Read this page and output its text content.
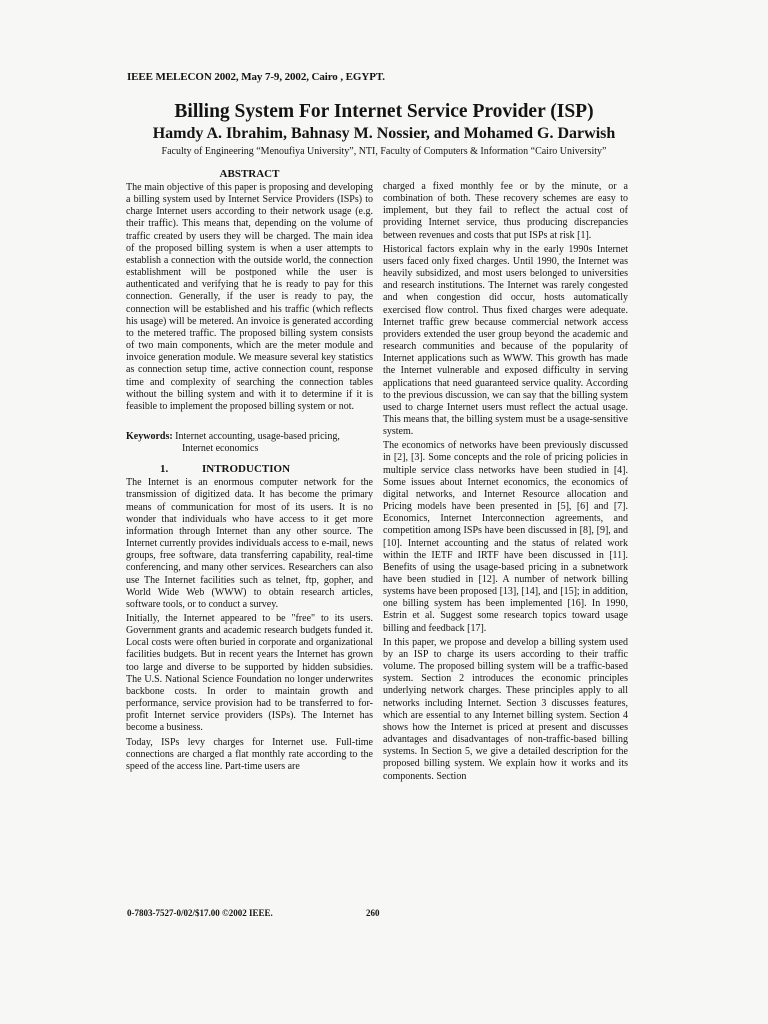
IEEE MELECON 2002, May 7-9, 2002, Cairo , EGYPT.
Billing System For Internet Service Provider (ISP)
Hamdy A. Ibrahim, Bahnasy M. Nossier, and Mohamed G. Darwish

Faculty of Engineering “Menoufiya University”, NTI, Faculty of Computers & Information “Cairo University”

ABSTRACT

The main objective of this paper is proposing and developing a billing system used by Internet Service Providers (ISPs) to charge Internet users according to their network usage (e.g. their traffic). This means that, depending on the volume of traffic created by users they will be charged. The main idea of the proposed billing system is when a user attempts to establish a connection with the outside world, the connection establishment will be postponed while the user is authenticated and verifying that he is ready to pay for this connection. Generally, if the user is ready to pay, the connection will be established and his traffic (which reflects his usage) will be metered. An invoice is generated according to the metered traffic. The proposed billing system consists of two main components, which are the meter module and invoice generation module. We measure several key statistics as connection setup time, active connection count, response time and complexity of searching the connection tables without the billing system and with it to determine if it is feasible to implement the proposed billing system or not.

Keywords: Internet accounting, usage-based pricing,
Internet economics

1.	INTRODUCTION

The Internet is an enormous computer network for the transmission of digitized data. It has become the primary means of communication for most of its users. It is no wonder that individuals who have access to it get more information through Internet than any other source. The Internet currently provides individuals access to e-mail, news groups, free software, data transferring capability, real-time conferencing, and many other services. Researchers can also use The Internet facilities such as telnet, ftp, gopher, and World Wide Web (WWW) to obtain research articles, software tools, or to conduct a survey.

Initially, the Internet appeared to be "free" to its users. Government grants and academic research budgets funded it. Local costs were often buried in corporate and organizational facilities budgets. But in recent years the Internet has grown too large and diverse to be supported by hidden subsidies. The U.S. National Science Foundation no longer underwrites backbone costs. In order to maintain growth and performance, service provision had to be transferred to for-profit Internet service providers (ISPs). The Internet has become a business.

Today, ISPs levy charges for Internet use. Full-time connections are charged a flat monthly rate according to the speed of the access line. Part-time users are

charged a fixed monthly fee or by the minute, or a combination of both. These recovery schemes are easy to implement, but they fail to reflect the actual cost of providing Internet service, thus producing discrepancies between revenues and costs that put ISPs at risk [1].

Historical factors explain why in the early 1990s Internet users faced only fixed charges. Until 1990, the Internet was heavily subsidized, and most users belonged to universities and research institutions. The Internet was rarely congested and when congestion did occur, hosts automatically exercised flow control. Thus fixed charges were adequate. Internet traffic grew because commercial network access providers extended the user group beyond the academic and research communities and because of the popularity of Internet applications such as WWW. This growth has made the Internet vulnerable and exposed difficulty in serving applications that need guaranteed service quality. According to the previous discussion, we can say that the billing system used to charge Internet users must reflect the actual usage. This means that, the billing system must be a usage-sensitive system.

The economics of networks have been previously discussed in [2], [3]. Some concepts and the role of pricing policies in multiple service class networks have been studied in [4]. Some issues about Internet economics, the economics of digital networks, and Internet Resource allocation and Pricing models have been presented in [5], [6] and [7]. Economics, Internet Interconnection agreements, and competition among ISPs have been discussed in [8], [9], and [10]. Internet accounting and the status of related work within the IETF and IRTF have been discussed in [11]. Benefits of using the usage-based pricing in a subnetwork have been studied in [12]. A number of network billing systems have been proposed [13], [14], and [15]; in addition, one billing system has been implemented [16]. In 1990, Estrin et al. Suggest some research topics toward usage billing and feedback [17].

In this paper, we propose and develop a billing system used by an ISP to charge its users according to their traffic volume. The proposed billing system will be a traffic-based system. Section 2 introduces the economic principles underlying network charges. These principles apply to all networks including Internet. Section 3 discusses features, which are essential to any Internet billing system. Section 4 shows how the Internet is priced at present and discusses advantages and disadvantages of non-traffic-based billing systems. In Section 5, we give a detailed description for the proposed billing system. We explain how it works and its components. Section

0-7803-7527-0/02/$17.00 ©2002 IEEE.	260
